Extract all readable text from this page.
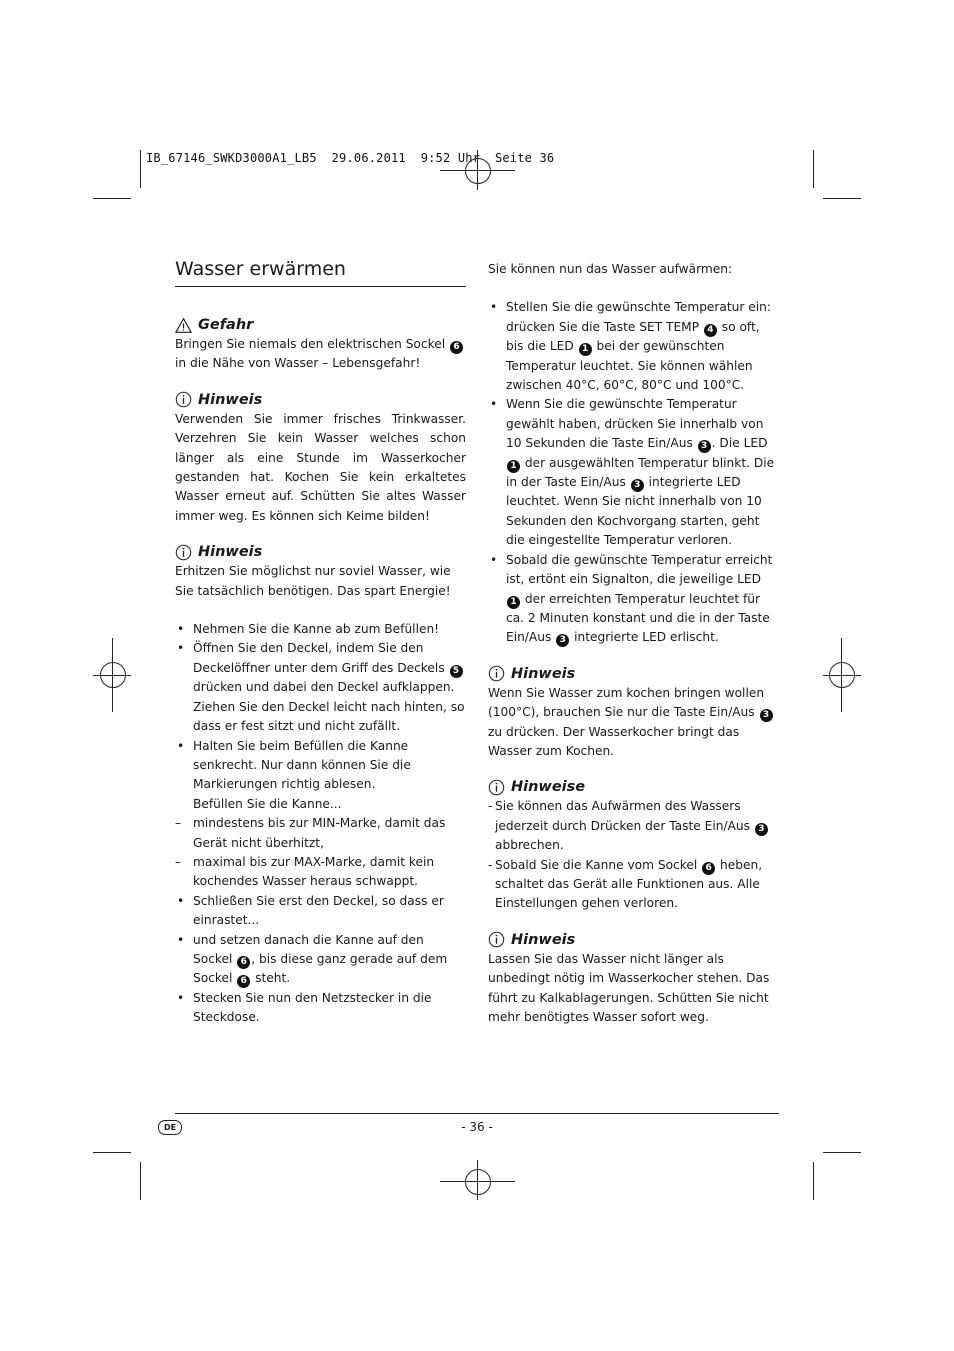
IB_67146_SWKD3000A1_LB5  29.06.2011  9:52 Uhr  Seite 36
Wasser erwärmen
Gefahr

Bringen Sie niemals den elektrischen Sockel 6 in die Nähe von Wasser – Lebensgefahr!

Hinweis

Verwenden Sie immer frisches Trinkwasser. Verzehren Sie kein Wasser welches schon länger als eine Stunde im Wasserkocher gestanden hat. Kochen Sie kein erkaltetes Wasser erneut auf. Schütten Sie altes Wasser immer weg. Es können sich Keime bilden!

Hinweis

Erhitzen Sie möglichst nur soviel Wasser, wie Sie tatsächlich benötigen. Das spart Energie!

• Nehmen Sie die Kanne ab zum Befüllen!
• Öffnen Sie den Deckel, indem Sie den Deckelöffner unter dem Griff des Deckels 5 drücken und dabei den Deckel aufklappen. Ziehen Sie den Deckel leicht nach hinten, so dass er fest sitzt und nicht zufällt.
• Halten Sie beim Befüllen die Kanne senkrecht. Nur dann können Sie die Markierungen richtig ablesen.
Befüllen Sie die Kanne...
– mindestens bis zur MIN-Marke, damit das Gerät nicht überhitzt,
– maximal bis zur MAX-Marke, damit kein kochendes Wasser heraus schwappt.
• Schließen Sie erst den Deckel, so dass er einrastet...
• und setzen danach die Kanne auf den Sockel 6 , bis diese ganz gerade auf dem Sockel 6 steht.
• Stecken Sie nun den Netzstecker in die Steckdose.

Sie können nun das Wasser aufwärmen:

• Stellen Sie die gewünschte Temperatur ein: drücken Sie die Taste SET TEMP 4 so oft, bis die LED 1 bei der gewünschten Temperatur leuchtet. Sie können wählen zwischen 40°C, 60°C, 80°C und 100°C.
• Wenn Sie die gewünschte Temperatur gewählt haben, drücken Sie innerhalb von 10 Sekunden die Taste Ein/Aus 3 . Die LED 1 der ausgewählten Temperatur blinkt. Die in der Taste Ein/Aus 3 integrierte LED leuchtet. Wenn Sie nicht innerhalb von 10 Sekunden den Kochvorgang starten, geht die eingestellte Temperatur verloren.
• Sobald die gewünschte Temperatur erreicht ist, ertönt ein Signalton, die jeweilige LED 1 der erreichten Temperatur leuchtet für ca. 2 Minuten konstant und die in der Taste Ein/Aus 3 integrierte LED erlischt.
Hinweis

Wenn Sie Wasser zum kochen bringen wollen (100°C), brauchen Sie nur die Taste Ein/Aus 3 zu drücken. Der Wasserkocher bringt das Wasser zum Kochen.

Hinweise
- Sie können das Aufwärmen des Wassers jederzeit durch Drücken der Taste Ein/Aus 3 abbrechen.
- Sobald Sie die Kanne vom Sockel 6 heben, schaltet das Gerät alle Funktionen aus. Alle Einstellungen gehen verloren.
Hinweis

Lassen Sie das Wasser nicht länger als unbedingt nötig im Wasserkocher stehen. Das führt zu Kalkablagerungen. Schütten Sie nicht mehr benötigtes Wasser sofort weg.

DE	- 36 -
